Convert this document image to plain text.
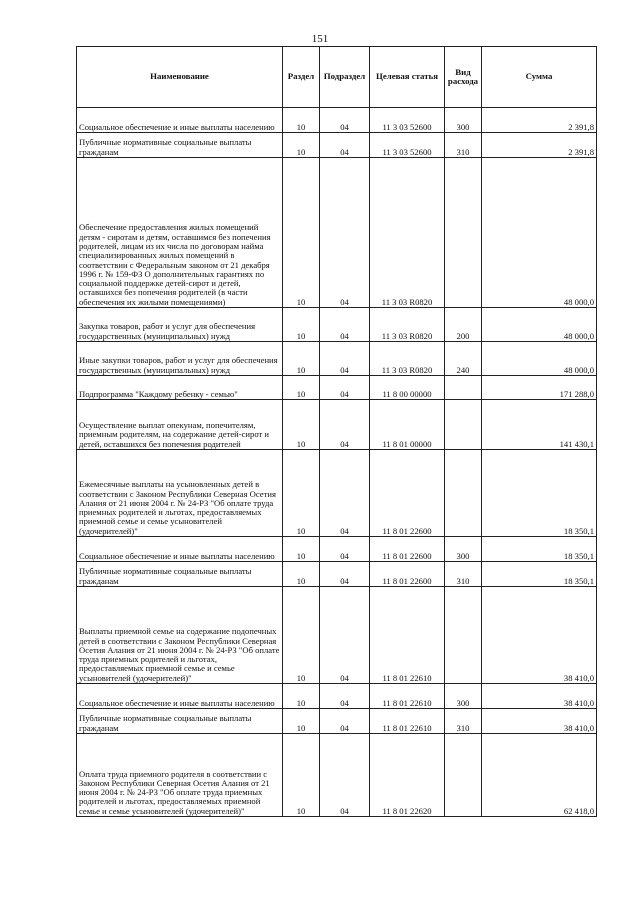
151
Наименование	Раздел	Подраздел	Целевая статья	Вид расхода	Сумма
Социальное обеспечение и иные выплаты населению	10	04	11 3 03 52600	300	2 391,8
Публичные нормативные социальные выплаты гражданам	10	04	11 3 03 52600	310	2 391,8
Обеспечение предоставления жилых помещений детям - сиротам и детям, оставшимся без попечения родителей, лицам из их числа по договорам найма специализированных жилых помещений в соответствии с Федеральным законом от 21 декабря 1996 г. № 159-ФЗ О дополнительных гарантиях по социальной поддержке детей-сирот и детей, оставшихся без попечения родителей (в части обеспечения их жилыми помещениями)	10	04	11 3 03 R0820		48 000,0
Закупка товаров, работ и услуг для обеспечения государственных (муниципальных) нужд	10	04	11 3 03 R0820	200	48 000,0
Иные закупки товаров, работ и услуг для обеспечения государственных (муниципальных) нужд	10	04	11 3 03 R0820	240	48 000,0
Подпрограмма "Каждому ребенку - семью"	10	04	11 8 00 00000		171 288,0
Осуществление выплат опекунам, попечителям, приемным родителям, на содержание детей-сирот и детей, оставшихся без попечения родителей	10	04	11 8 01 00000		141 430,1
Ежемесячные выплаты на усыновленных детей в соответствии с Законом Республики Северная Осетия Алания от 21 июня 2004 г. № 24-РЗ "Об оплате труда приемных родителей и льготах, предоставляемых приемной семье и семье усыновителей (удочерителей)"	10	04	11 8 01 22600		18 350,1
Социальное обеспечение и иные выплаты населению	10	04	11 8 01 22600	300	18 350,1
Публичные нормативные социальные выплаты гражданам	10	04	11 8 01 22600	310	18 350,1
Выплаты приемной семье на содержание подопечных детей в соответствии с Законом Республики Северная Осетия Алания от 21 июня 2004 г. № 24-РЗ "Об оплате труда приемных родителей и льготах, предоставляемых приемной семье и семье усыновителей (удочерителей)"	10	04	11 8 01 22610		38 410,0
Социальное обеспечение и иные выплаты населению	10	04	11 8 01 22610	300	38 410,0
Публичные нормативные социальные выплаты гражданам	10	04	11 8 01 22610	310	38 410,0
Оплата труда приемного родителя в соответствии с Законом Республики Северная Осетия Алания от 21 июня 2004 г. № 24-РЗ "Об оплате труда приемных родителей и льготах, предоставляемых приемной семье и семье усыновителей (удочерителей)"	10	04	11 8 01 22620		62 418,0
